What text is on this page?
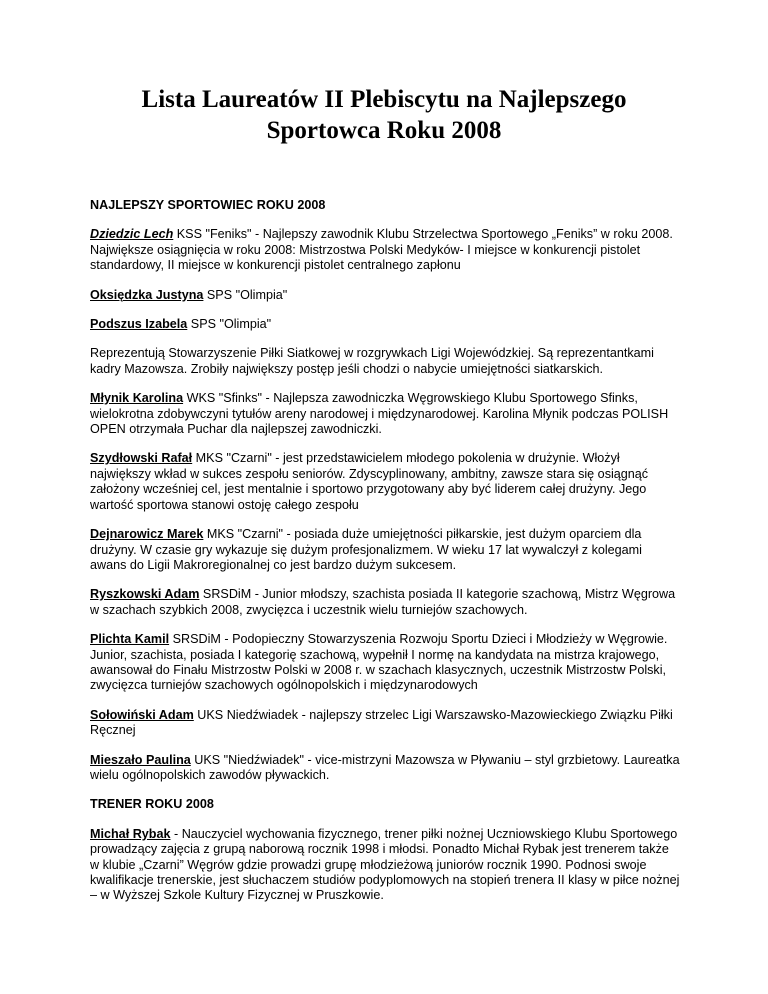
Lista Laureatów II Plebiscytu na Najlepszego Sportowca Roku 2008

NAJLEPSZY SPORTOWIEC ROKU 2008

Dziedzic Lech KSS "Feniks" - Najlepszy zawodnik Klubu Strzelectwa Sportowego „Feniks” w roku 2008. Największe osiągnięcia w roku 2008: Mistrzostwa Polski Medyków- I miejsce w konkurencji pistolet standardowy, II miejsce w konkurencji pistolet centralnego zapłonu

Oksiędzka Justyna SPS "Olimpia"

Podszus Izabela SPS "Olimpia"

Reprezentują Stowarzyszenie Piłki Siatkowej w rozgrywkach Ligi Wojewódzkiej. Są reprezentantkami kadry Mazowsza. Zrobiły największy postęp jeśli chodzi o nabycie umiejętności siatkarskich.

Młynik Karolina WKS "Sfinks" - Najlepsza zawodniczka Węgrowskiego Klubu Sportowego Sfinks, wielokrotna zdobywczyni tytułów areny narodowej i międzynarodowej. Karolina Młynik podczas POLISH OPEN otrzymała Puchar dla najlepszej zawodniczki.

Szydłowski Rafał MKS "Czarni" - jest przedstawicielem młodego pokolenia w drużynie. Włożył największy wkład w sukces zespołu seniorów. Zdyscyplinowany, ambitny, zawsze stara się osiągnąć założony wcześniej cel, jest mentalnie i sportowo przygotowany aby być liderem całej drużyny. Jego wartość sportowa stanowi ostoję całego zespołu

Dejnarowicz Marek MKS "Czarni" - posiada duże umiejętności piłkarskie, jest dużym oparciem dla drużyny. W czasie gry wykazuje się dużym profesjonalizmem. W wieku 17 lat wywalczył z kolegami awans do Ligii Makroregionalnej co jest bardzo dużym sukcesem.

Ryszkowski Adam SRSDiM - Junior młodszy, szachista posiada II kategorie szachową, Mistrz Węgrowa w szachach szybkich 2008, zwycięzca i uczestnik wielu turniejów szachowych.

Plichta Kamil SRSDiM - Podopieczny Stowarzyszenia Rozwoju Sportu Dzieci i Młodzieży w Węgrowie. Junior, szachista, posiada I kategorię szachową, wypełnił I normę na kandydata na mistrza krajowego, awansował do Finału Mistrzostw Polski w 2008 r. w szachach klasycznych, uczestnik Mistrzostw Polski, zwycięzca turniejów szachowych ogólnopolskich i międzynarodowych

Sołowiński Adam UKS Niedźwiadek - najlepszy strzelec Ligi Warszawsko-Mazowieckiego Związku Piłki Ręcznej

Mieszało Paulina UKS "Niedźwiadek" - vice-mistrzyni Mazowsza w Pływaniu – styl grzbietowy. Laureatka wielu ogólnopolskich zawodów pływackich.

TRENER ROKU 2008

Michał Rybak - Nauczyciel wychowania fizycznego, trener piłki nożnej Uczniowskiego Klubu Sportowego prowadzący zajęcia z grupą naborową rocznik 1998 i młodsi. Ponadto Michał Rybak jest trenerem także w klubie „Czarni” Węgrów gdzie prowadzi grupę młodzieżową juniorów rocznik 1990. Podnosi swoje kwalifikacje trenerskie, jest słuchaczem studiów podyplomowych na stopień trenera II klasy w piłce nożnej – w Wyższej Szkole Kultury Fizycznej w Pruszkowie.
